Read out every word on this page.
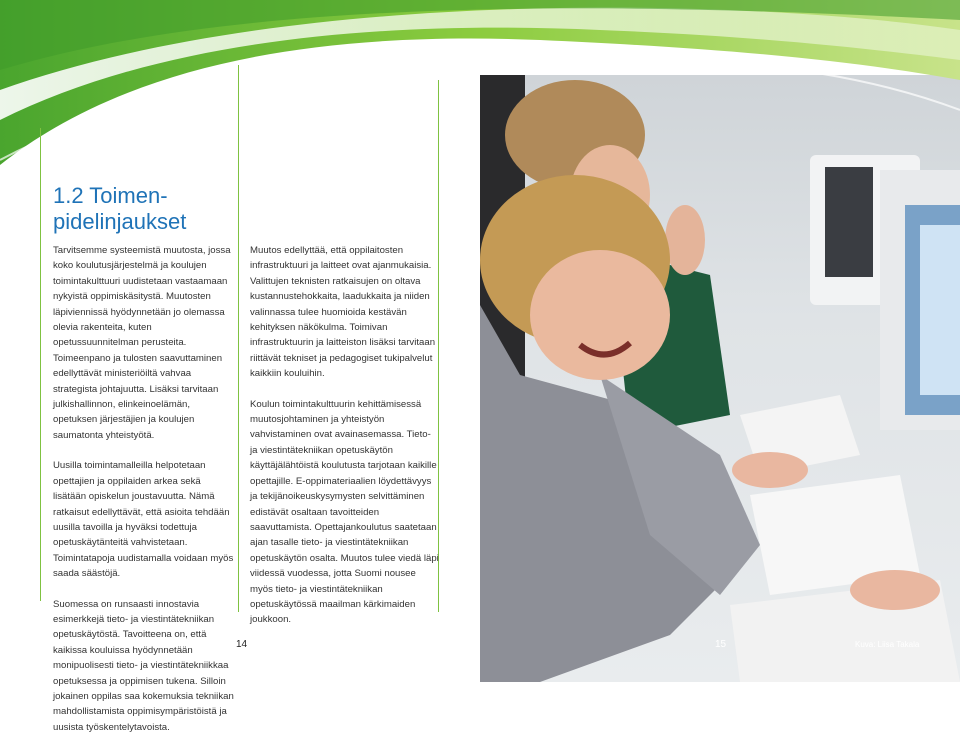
1.2 Toimen-
pidelinjaukset

Tarvitsemme systeemistä muutosta, jossa koko koulutusjärjestelmä ja koulujen toimintakulttuuri uudistetaan vastaamaan nykyistä oppimiskäsitystä. Muutosten läpiviennissä hyödynnetään jo olemassa olevia rakenteita, kuten opetussuunnitelman perusteita. Toimeenpano ja tulosten saavuttaminen edellyttävät ministeriöiltä vahvaa strategista johtajuutta. Lisäksi tarvitaan julkishallinnon, elinkeinoelämän, opetuksen järjestäjien ja koulujen saumatonta yhteistyötä.

Uusilla toimintamalleilla helpotetaan opettajien ja oppilaiden arkea sekä lisätään opiskelun joustavuutta. Nämä ratkaisut edellyttävät, että asioita tehdään uusilla tavoilla ja hyväksi todettuja opetuskäytänteitä vahvistetaan. Toimintatapoja uudistamalla voidaan myös saada säästöjä.

Suomessa on runsaasti innostavia esimerkkejä tieto- ja viestintätekniikan opetuskäytöstä. Tavoitteena on, että kaikissa kouluissa hyödynnetään monipuolisesti tieto- ja viestintätekniikkaa opetuksessa ja oppimisen tukena. Silloin jokainen oppilas saa kokemuksia tekniikan mahdollistamista oppimisympäristöistä ja uusista työskentelytavoista.

Muutos edellyttää, että oppilaitosten infrastruktuuri ja laitteet ovat ajanmukaisia. Valittujen teknisten ratkaisujen on oltava kustannustehokkaita, laadukkaita ja niiden valinnassa tulee huomioida kestävän kehityksen näkökulma. Toimivan infrastruktuurin ja laitteiston lisäksi tarvitaan riittävät tekniset ja pedagogiset tukipalvelut kaikkiin kouluihin.

Koulun toimintakulttuurin kehittämisessä muutosjohtaminen ja yhteistyön vahvistaminen ovat avainasemassa. Tieto- ja viestintätekniikan opetuskäytön käyttäjälähtöistä koulutusta tarjotaan kaikille opettajille. E-oppimateriaalien löydettävyys ja tekijänoikeuskysymysten selvittäminen edistävät osaltaan tavoitteiden saavuttamista. Opettajankoulutus saatetaan ajan tasalle tieto- ja viestintätekniikan opetuskäytön osalta. Muutos tulee viedä läpi viidessä vuodessa, jotta Suomi nousee myös tieto- ja viestintätekniikan opetuskäytössä maailman kärkimaiden joukkoon.

14	15	Kuva: Liisa Takala
